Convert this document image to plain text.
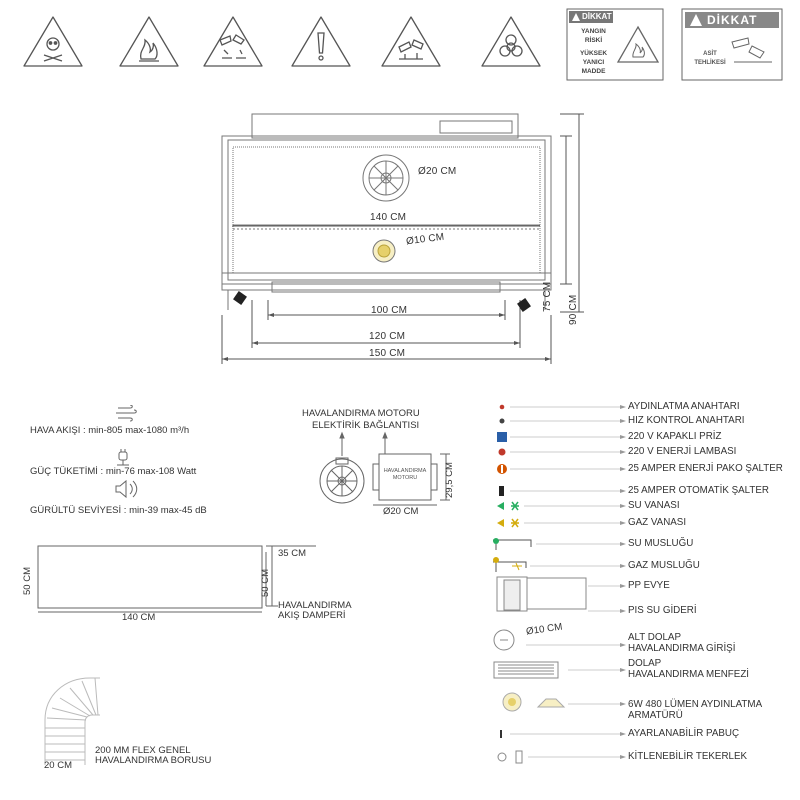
DİKKAT
YANGIN
RİSKİ
YÜKSEK
YANICI
MADDE
DİKKAT
ASİT
TEHLİKESİ
Ø20 CM
Ø10 CM
140 CM
100 CM
120 CM
150 CM
75 CM 90 CM
HAVA AKIŞI : min-805 max-1080 m³/h
GÜÇ TÜKETİMİ : min-76 max-108 Watt
GÜRÜLTÜ SEVİYESİ : min-39 max-45 dB
HAVALANDIRMA MOTORU
ELEKTİRİK BAĞLANTISI
HAVALANDIRMA
MOTORU
Ø20 CM
29,5 CM
140 CM
50 CM	50 CM
35 CM
HAVALANDIRMA
AKIŞ DAMPERİ
200 MM FLEX GENEL
HAVALANDIRMA BORUSU
20 CM
AYDINLATMA ANAHTARI
HIZ KONTROL ANAHTARI
220 V KAPAKLI PRİZ
220 V ENERJİ LAMBASI
25 AMPER ENERJİ PAKO ŞALTER
25 AMPER OTOMATİK ŞALTER
SU VANASI
GAZ VANASI
SU MUSLUĞU
GAZ MUSLUĞU
PP EVYE
PIS SU GİDERİ
Ø10 CM
ALT DOLAP
HAVALANDIRMA GİRİŞİ
DOLAP
HAVALANDIRMA MENFEZİ
6W 480 LÜMEN AYDINLATMA
ARMATÜRÜ
AYARLANABİLİR PABUÇ
KİTLENEBİLİR TEKERLEK
